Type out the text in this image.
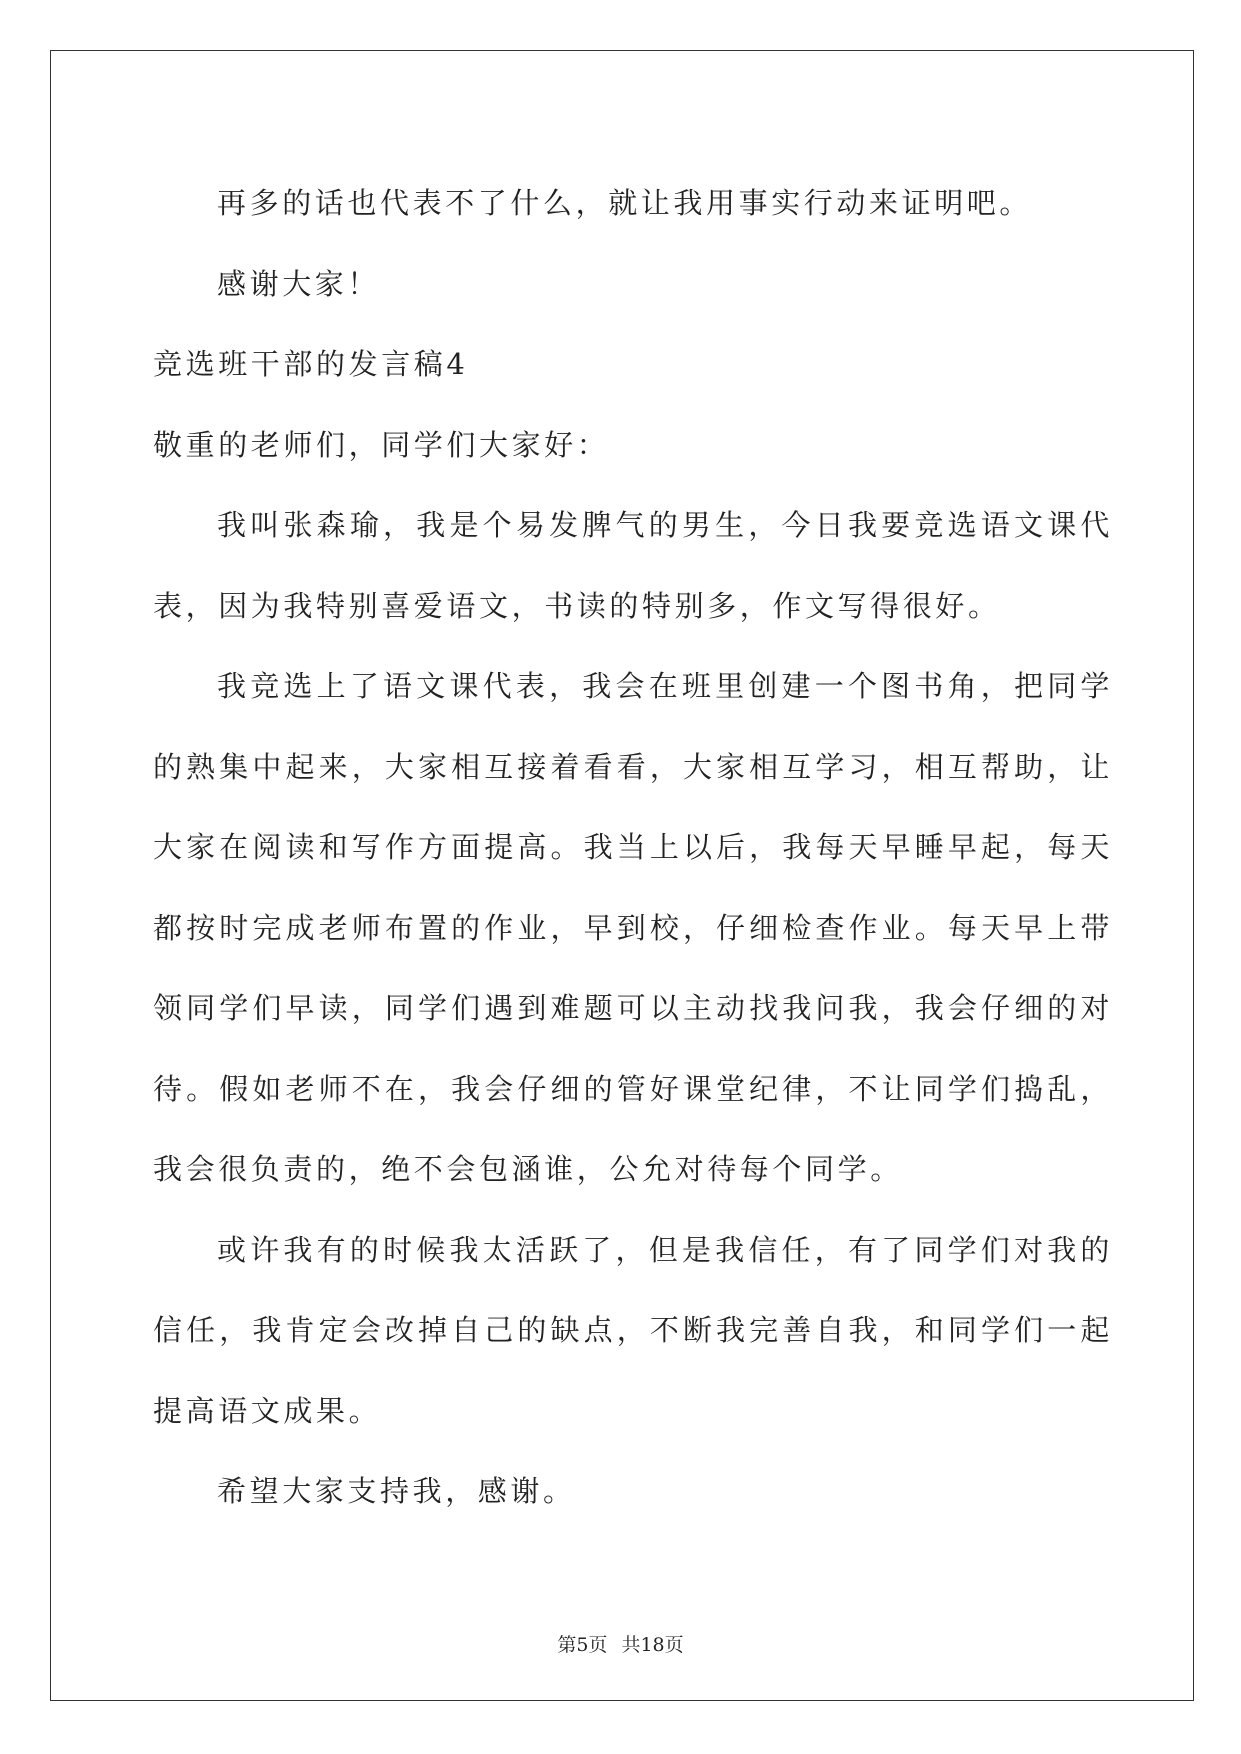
再多的话也代表不了什么，就让我用事实行动来证明吧。

感谢大家！

竞选班干部的发言稿4

敬重的老师们，同学们大家好：

我叫张森瑜，我是个易发脾气的男生，今日我要竞选语文课代表，因为我特别喜爱语文，书读的特别多，作文写得很好。

我竞选上了语文课代表，我会在班里创建一个图书角，把同学的熟集中起来，大家相互接着看看，大家相互学习，相互帮助，让大家在阅读和写作方面提高。我当上以后，我每天早睡早起，每天都按时完成老师布置的作业，早到校，仔细检查作业。每天早上带领同学们早读，同学们遇到难题可以主动找我问我，我会仔细的对待。假如老师不在，我会仔细的管好课堂纪律，不让同学们捣乱，我会很负责的，绝不会包涵谁，公允对待每个同学。

或许我有的时候我太活跃了，但是我信任，有了同学们对我的信任，我肯定会改掉自己的缺点，不断我完善自我，和同学们一起提高语文成果。

希望大家支持我，感谢。

第5页 共18页
